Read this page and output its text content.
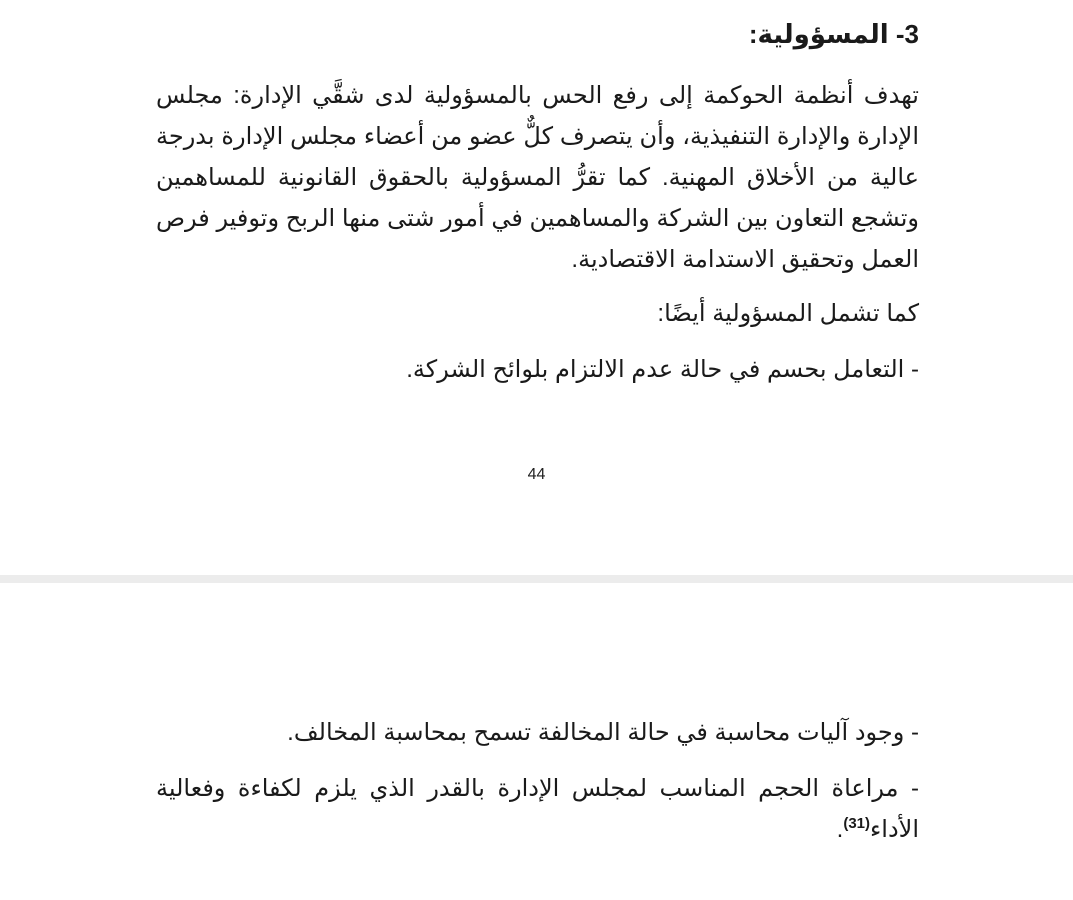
3- المسؤولية:

تهدف أنظمة الحوكمة إلى رفع الحس بالمسؤولية لدى شقَّي الإدارة: مجلس الإدارة والإدارة التنفيذية، وأن يتصرف كلٌّ عضو من أعضاء مجلس الإدارة بدرجة عالية من الأخلاق المهنية. كما تقرُّ المسؤولية بالحقوق القانونية للمساهمين وتشجع التعاون بين الشركة والمساهمين في أمور شتى منها الربح وتوفير فرص العمل وتحقيق الاستدامة الاقتصادية.

كما تشمل المسؤولية أيضًا:

- التعامل بحسم في حالة عدم الالتزام بلوائح الشركة.

44

- وجود آليات محاسبة في حالة المخالفة تسمح بمحاسبة المخالف.

- مراعاة الحجم المناسب لمجلس الإدارة بالقدر الذي يلزم لكفاءة وفعالية الأداء$^{(31)}$.
